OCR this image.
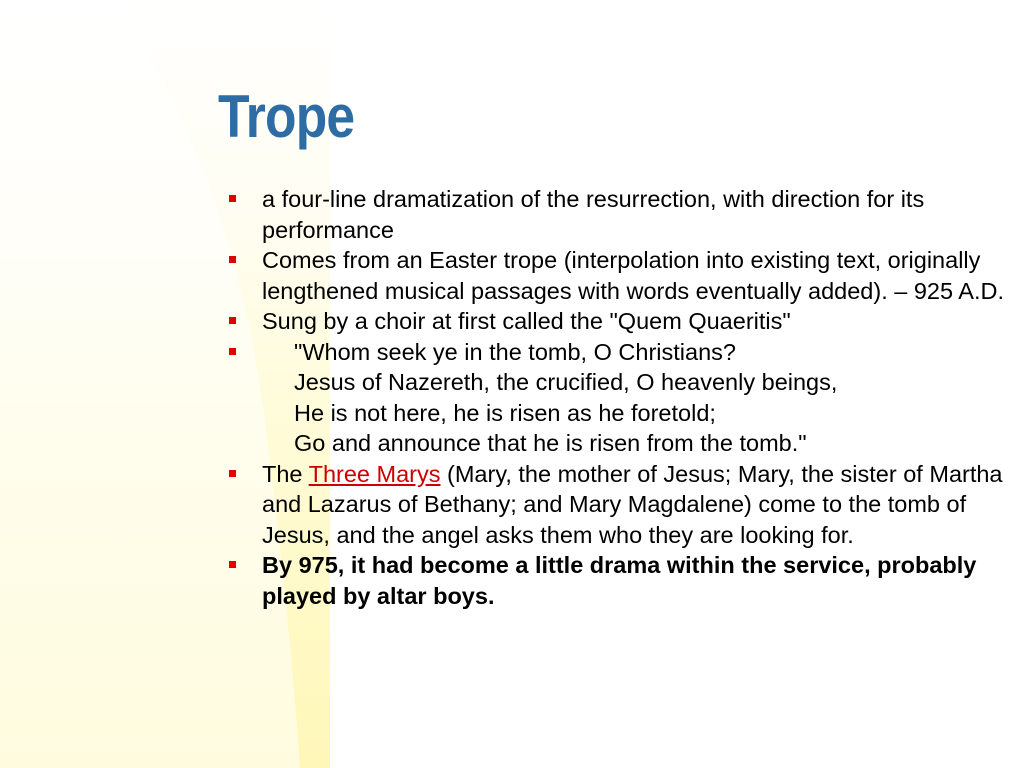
Trope
a four-line dramatization of the resurrection, with direction for its performance
Comes from an Easter trope (interpolation into existing text, originally lengthened musical passages with words eventually added). – 925 A.D.
Sung by a choir at first called the "Quem Quaeritis"
"Whom seek ye in the tomb, O Christians?
Jesus of Nazereth, the crucified, O heavenly beings,
He is not here, he is risen as he foretold;
Go and announce that he is risen from the tomb."
The Three Marys (Mary, the mother of Jesus; Mary, the sister of Martha and Lazarus of Bethany; and Mary Magdalene) come to the tomb of Jesus, and the angel asks them who they are looking for.
By 975, it had become a little drama within the service, probably played by altar boys.
